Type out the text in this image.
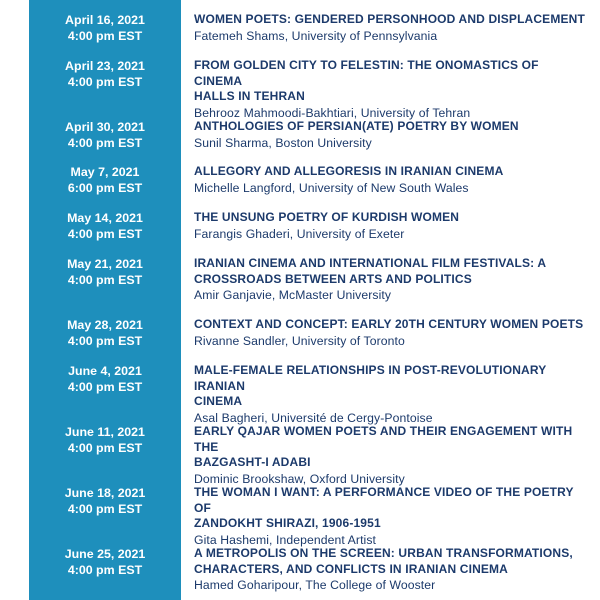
April 16, 2021
4:00 pm EST
WOMEN POETS: GENDERED PERSONHOOD AND DISPLACEMENT
Fatemeh Shams, University of Pennsylvania
April 23, 2021
4:00 pm EST
FROM GOLDEN CITY TO FELESTIN: THE ONOMASTICS OF CINEMA
HALLS IN TEHRAN
Behrooz Mahmoodi-Bakhtiari, University of Tehran
April 30, 2021
4:00 pm EST
ANTHOLOGIES OF PERSIAN(ATE) POETRY BY WOMEN
Sunil Sharma, Boston University
May 7, 2021
6:00 pm EST
ALLEGORY AND ALLEGORESIS IN IRANIAN CINEMA
Michelle Langford, University of New South Wales
May 14, 2021
4:00 pm EST
THE UNSUNG POETRY OF KURDISH WOMEN
Farangis Ghaderi, University of Exeter
May 21, 2021
4:00 pm EST
IRANIAN CINEMA AND INTERNATIONAL FILM FESTIVALS: A
CROSSROADS BETWEEN ARTS AND POLITICS
Amir Ganjavie, McMaster University
May 28, 2021
4:00 pm EST
CONTEXT AND CONCEPT: EARLY 20TH CENTURY WOMEN POETS
Rivanne Sandler, University of Toronto
June 4, 2021
4:00 pm EST
MALE-FEMALE RELATIONSHIPS IN POST-REVOLUTIONARY IRANIAN
CINEMA
Asal Bagheri, Université de Cergy-Pontoise
June 11, 2021
4:00 pm EST
EARLY QAJAR WOMEN POETS AND THEIR ENGAGEMENT WITH THE
BAZGASHT-I ADABI
Dominic Brookshaw, Oxford University
June 18, 2021
4:00 pm EST
THE WOMAN I WANT: A PERFORMANCE VIDEO OF THE POETRY OF
ZANDOKHT SHIRAZI, 1906-1951
Gita Hashemi, Independent Artist
June 25, 2021
4:00 pm EST
A METROPOLIS ON THE SCREEN: URBAN TRANSFORMATIONS,
CHARACTERS, AND CONFLICTS IN IRANIAN CINEMA
Hamed Goharipour, The College of Wooster
